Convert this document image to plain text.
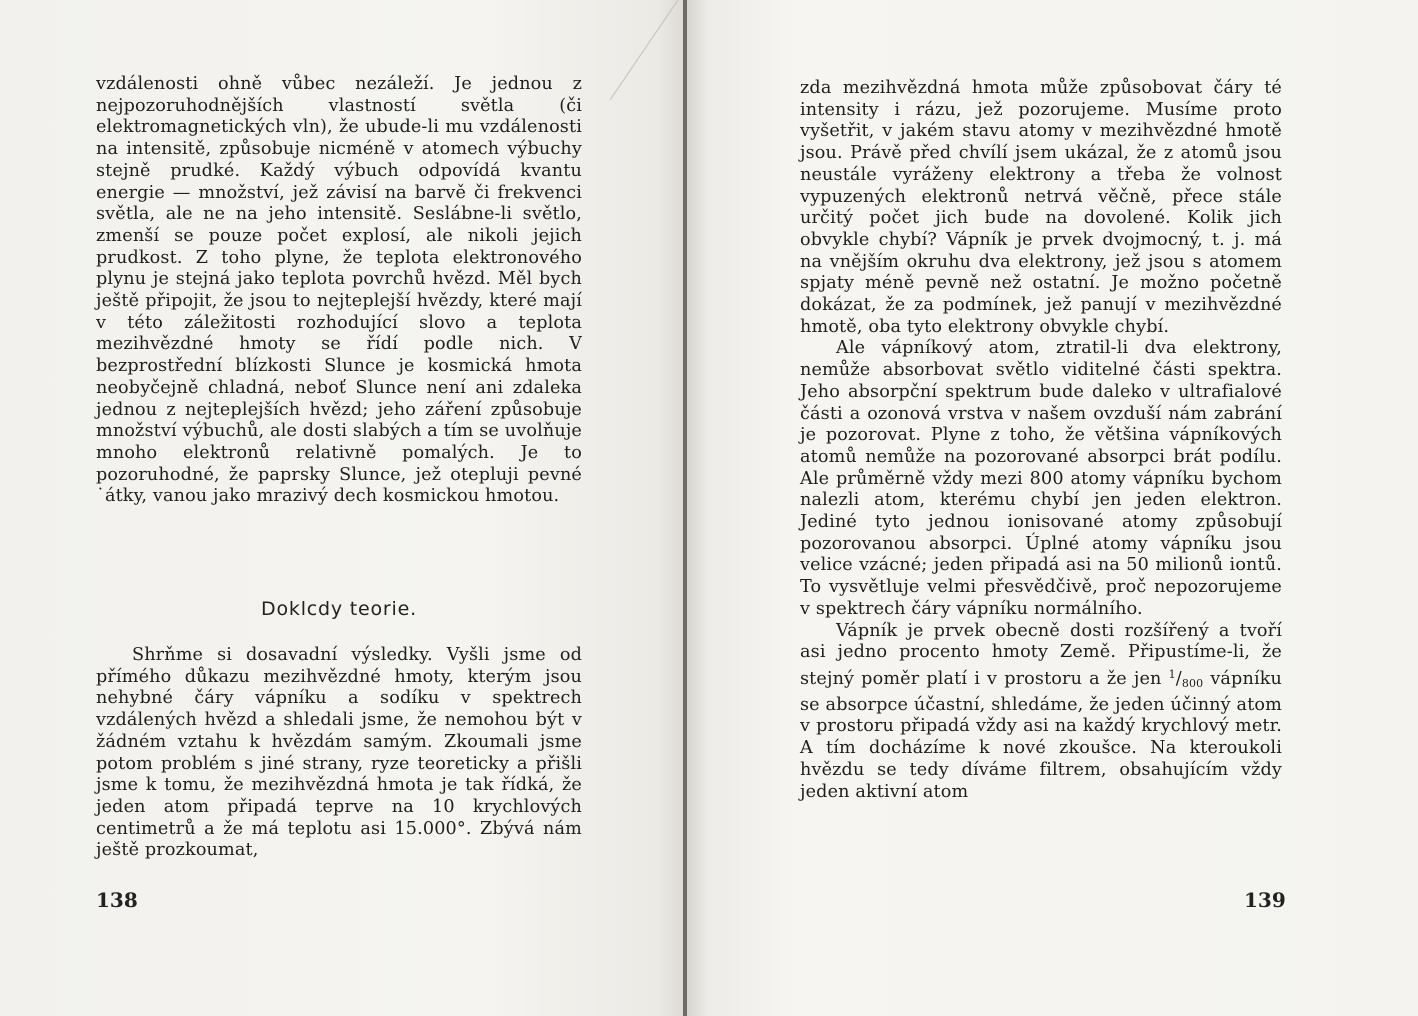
vzdálenosti ohně vůbec nezáleží. Je jednou z nejpozoruhodnějších vlastností světla (či elektromagnetických vln), že ubude-li mu vzdálenosti na intensitě, způsobuje nicméně v atomech výbuchy stejně prudké. Každý výbuch odpovídá kvantu energie — množství, jež závisí na barvě či frekvenci světla, ale ne na jeho intensitě. Seslábne-li světlo, zmenší se pouze počet explosí, ale nikoli jejich prudkost. Z toho plyne, že teplota elektronového plynu je stejná jako teplota povrchů hvězd. Měl bych ještě připojit, že jsou to nejteplejší hvězdy, které mají v této záležitosti rozhodující slovo a teplota mezihvězdné hmoty se řídí podle nich. V bezprostřední blízkosti Slunce je kosmická hmota neobyčejně chladná, neboť Slunce není ani zdaleka jednou z nejteplejších hvězd; jeho záření způsobuje množství výbuchů, ale dosti slabých a tím se uvolňuje mnoho elektronů relativně pomalých. Je to pozoruhodné, že paprsky Slunce, jež otepluji pevné ˙átky, vanou jako mrazivý dech kosmickou hmotou.

Doklcdy teorie.

Shrňme si dosavadní výsledky. Vyšli jsme od přímého důkazu mezihvězdné hmoty, kterým jsou nehybné čáry vápníku a sodíku v spektrech vzdálených hvězd a shledali jsme, že nemohou být v žádném vztahu k hvězdám samým. Zkoumali jsme potom problém s jiné strany, ryze teoreticky a přišli jsme k tomu, že mezihvězdná hmota je tak řídká, že jeden atom připadá teprve na 10 krychlových centimetrů a že má teplotu asi 15.000°. Zbývá nám ještě prozkoumat,

138

zda mezihvězdná hmota může způsobovat čáry té intensity i rázu, jež pozorujeme. Musíme proto vyšetřit, v jakém stavu atomy v mezihvězdné hmotě jsou. Právě před chvílí jsem ukázal, že z atomů jsou neustále vyráženy elektrony a třeba že volnost vypuzených elektronů netrvá věčně, přece stále určitý počet jich bude na dovolené. Kolik jich obvykle chybí? Vápník je prvek dvojmocný, t. j. má na vnějším okruhu dva elektrony, jež jsou s atomem spjaty méně pevně než ostatní. Je možno početně dokázat, že za podmínek, jež panují v mezihvězdné hmotě, oba tyto elektrony obvykle chybí.

Ale vápníkový atom, ztratil-li dva elektrony, nemůže absorbovat světlo viditelné části spektra. Jeho absorpční spektrum bude daleko v ultrafialové části a ozonová vrstva v našem ovzduší nám zabrání je pozorovat. Plyne z toho, že většina vápníkových atomů nemůže na pozorované absorpci brát podílu. Ale průměrně vždy mezi 800 atomy vápníku bychom nalezli atom, kterému chybí jen jeden elektron. Jediné tyto jednou ionisované atomy způsobují pozorovanou absorpci. Úplné atomy vápníku jsou velice vzácné; jeden připadá asi na 50 milionů iontů. To vysvětluje velmi přesvědčivě, proč nepozorujeme v spektrech čáry vápníku normálního.

Vápník je prvek obecně dosti rozšířený a tvoří asi jedno procento hmoty Země. Připustíme-li, že stejný poměr platí i v prostoru a že jen $^1/_{800}$ vápníku se absorpce účastní, shledáme, že jeden účinný atom v prostoru připadá vždy asi na každý krychlový metr. A tím docházíme k nové zkoušce. Na kteroukoli hvězdu se tedy díváme filtrem, obsahujícím vždy jeden aktivní atom

139
